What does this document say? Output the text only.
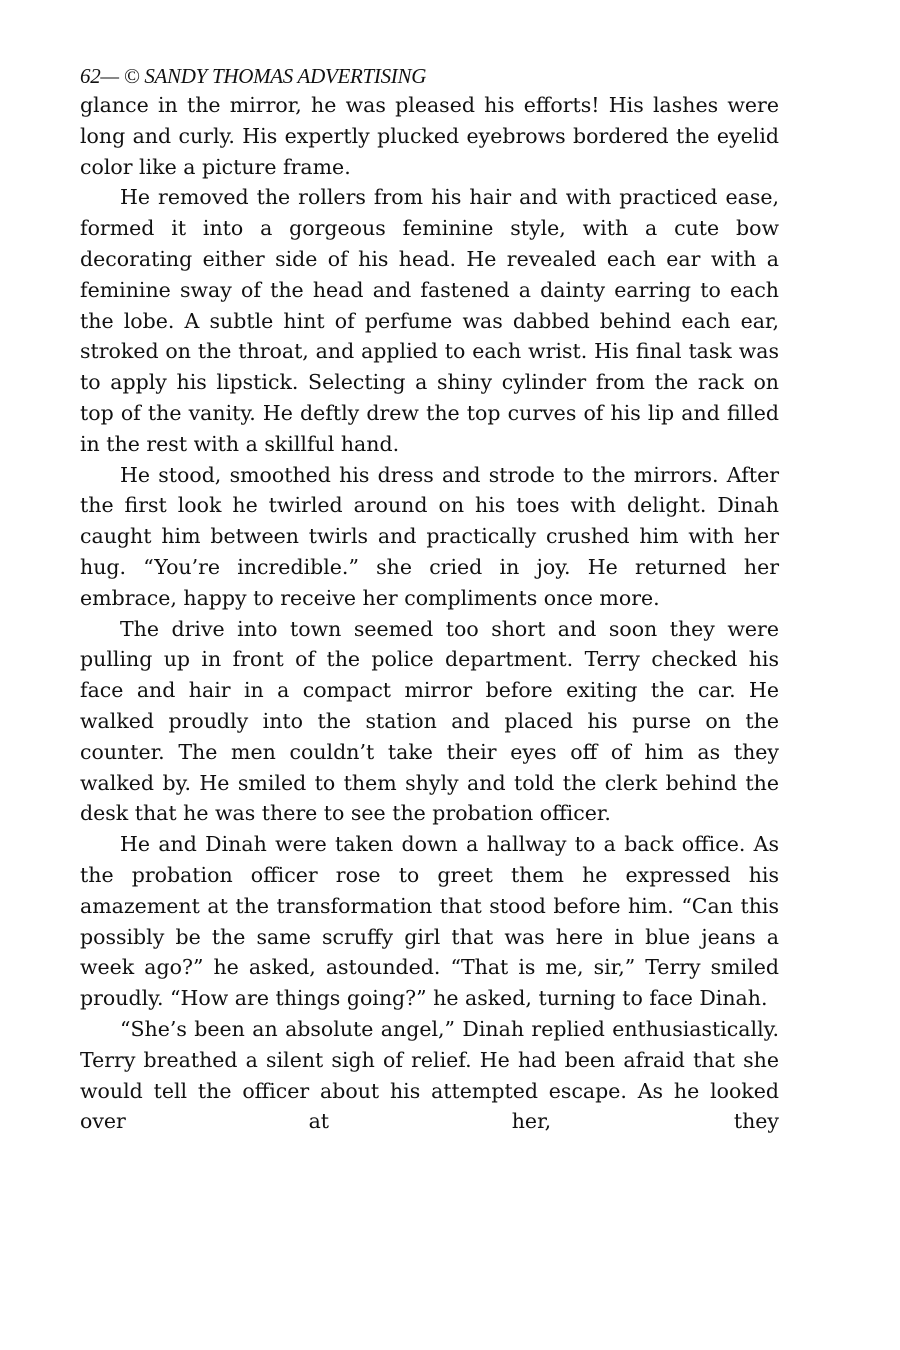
62— © SANDY THOMAS ADVERTISING

glance in the mirror, he was pleased his efforts! His lashes were long and curly. His expertly plucked eyebrows bordered the eyelid color like a picture frame.

He removed the rollers from his hair and with practiced ease, formed it into a gorgeous feminine style, with a cute bow decorating either side of his head. He revealed each ear with a feminine sway of the head and fastened a dainty earring to each the lobe. A subtle hint of perfume was dabbed behind each ear, stroked on the throat, and applied to each wrist. His final task was to apply his lipstick. Selecting a shiny cylinder from the rack on top of the vanity. He deftly drew the top curves of his lip and filled in the rest with a skillful hand.

He stood, smoothed his dress and strode to the mirrors. After the first look he twirled around on his toes with delight. Dinah caught him between twirls and practically crushed him with her hug. “You’re incredible.” she cried in joy. He returned her embrace, happy to receive her compliments once more.

The drive into town seemed too short and soon they were pulling up in front of the police department. Terry checked his face and hair in a compact mirror before exiting the car. He walked proudly into the station and placed his purse on the counter. The men couldn’t take their eyes off of him as they walked by. He smiled to them shyly and told the clerk behind the desk that he was there to see the probation officer.

He and Dinah were taken down a hallway to a back office. As the probation officer rose to greet them he expressed his amazement at the transformation that stood before him. “Can this possibly be the same scruffy girl that was here in blue jeans a week ago?” he asked, astounded. “That is me, sir,” Terry smiled proudly. “How are things going?” he asked, turning to face Dinah.

“She’s been an absolute angel,” Dinah replied enthusiastically. Terry breathed a silent sigh of relief. He had been afraid that she would tell the officer about his attempted escape. As he looked over at her, they
